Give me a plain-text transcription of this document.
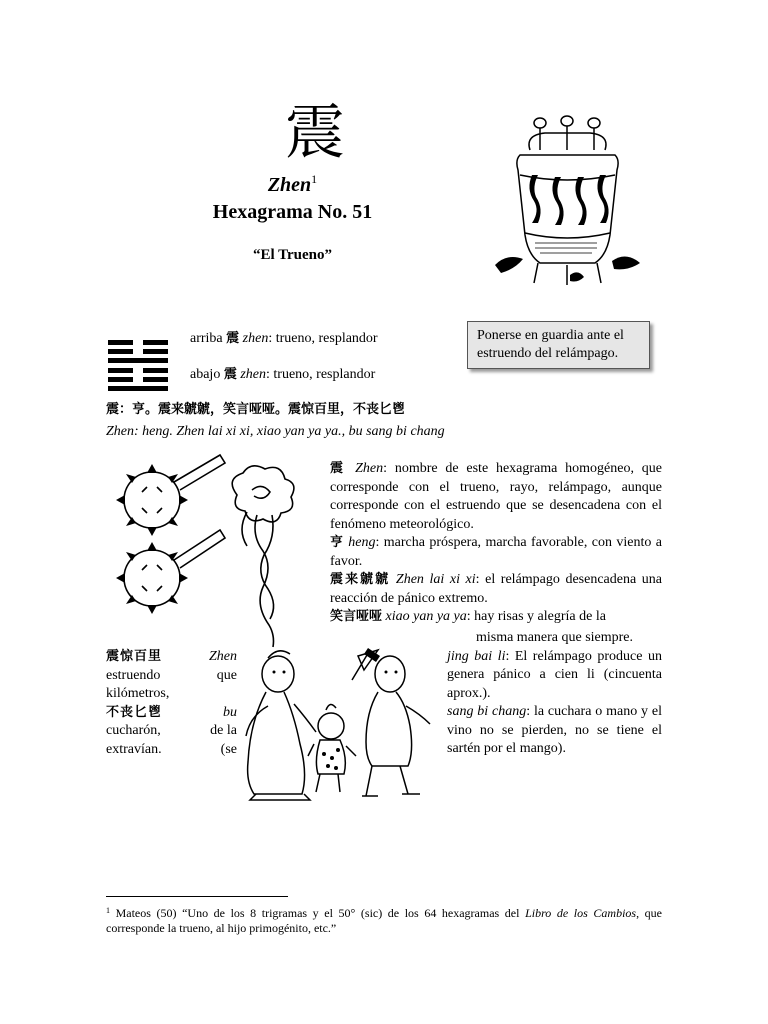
震
Zhen$^1$
Hexagrama No. 51
“El Trueno”
arriba 震 zhen: trueno, resplandor
abajo 震 zhen: trueno, resplandor
Ponerse en guardia ante el estruendo del relámpago.
震：亨。震来虩虩，笑言哑哑。震惊百里，不丧匕鬯
Zhen: heng. Zhen lai xi xi, xiao yan ya ya., bu sang bi chang

震 Zhen: nombre de este hexagrama homogéneo, que corresponde con el trueno, rayo, relámpago, aunque corresponde con el estruendo que se desencadena con el fenómeno meteorológico.

亨 heng: marcha próspera, marcha favorable, con viento a favor.

震来虩虩 Zhen lai xi xi: el relámpago desencadena una reacción de pánico extremo.

笑言哑哑 xiao yan ya ya: hay risas y alegría de la

misma manera que siempre.

jing bai li: El relámpago produce un genera pánico a cien li (cincuenta aprox.).

sang bi chang: la cuchara o mano y el vino no se pierden, no se tiene el sartén por el mango).

震惊百里	Zhen
estruendo	que
kilómetros,
不丧匕鬯	bu
cucharón,	de la
extravían.	(se
$^1$ Mateos (50) “Uno de los 8 trigramas y el 50° (sic) de los 64 hexagramas del Libro de los Cambios, que corresponde la trueno, al hijo primogénito, etc.”
